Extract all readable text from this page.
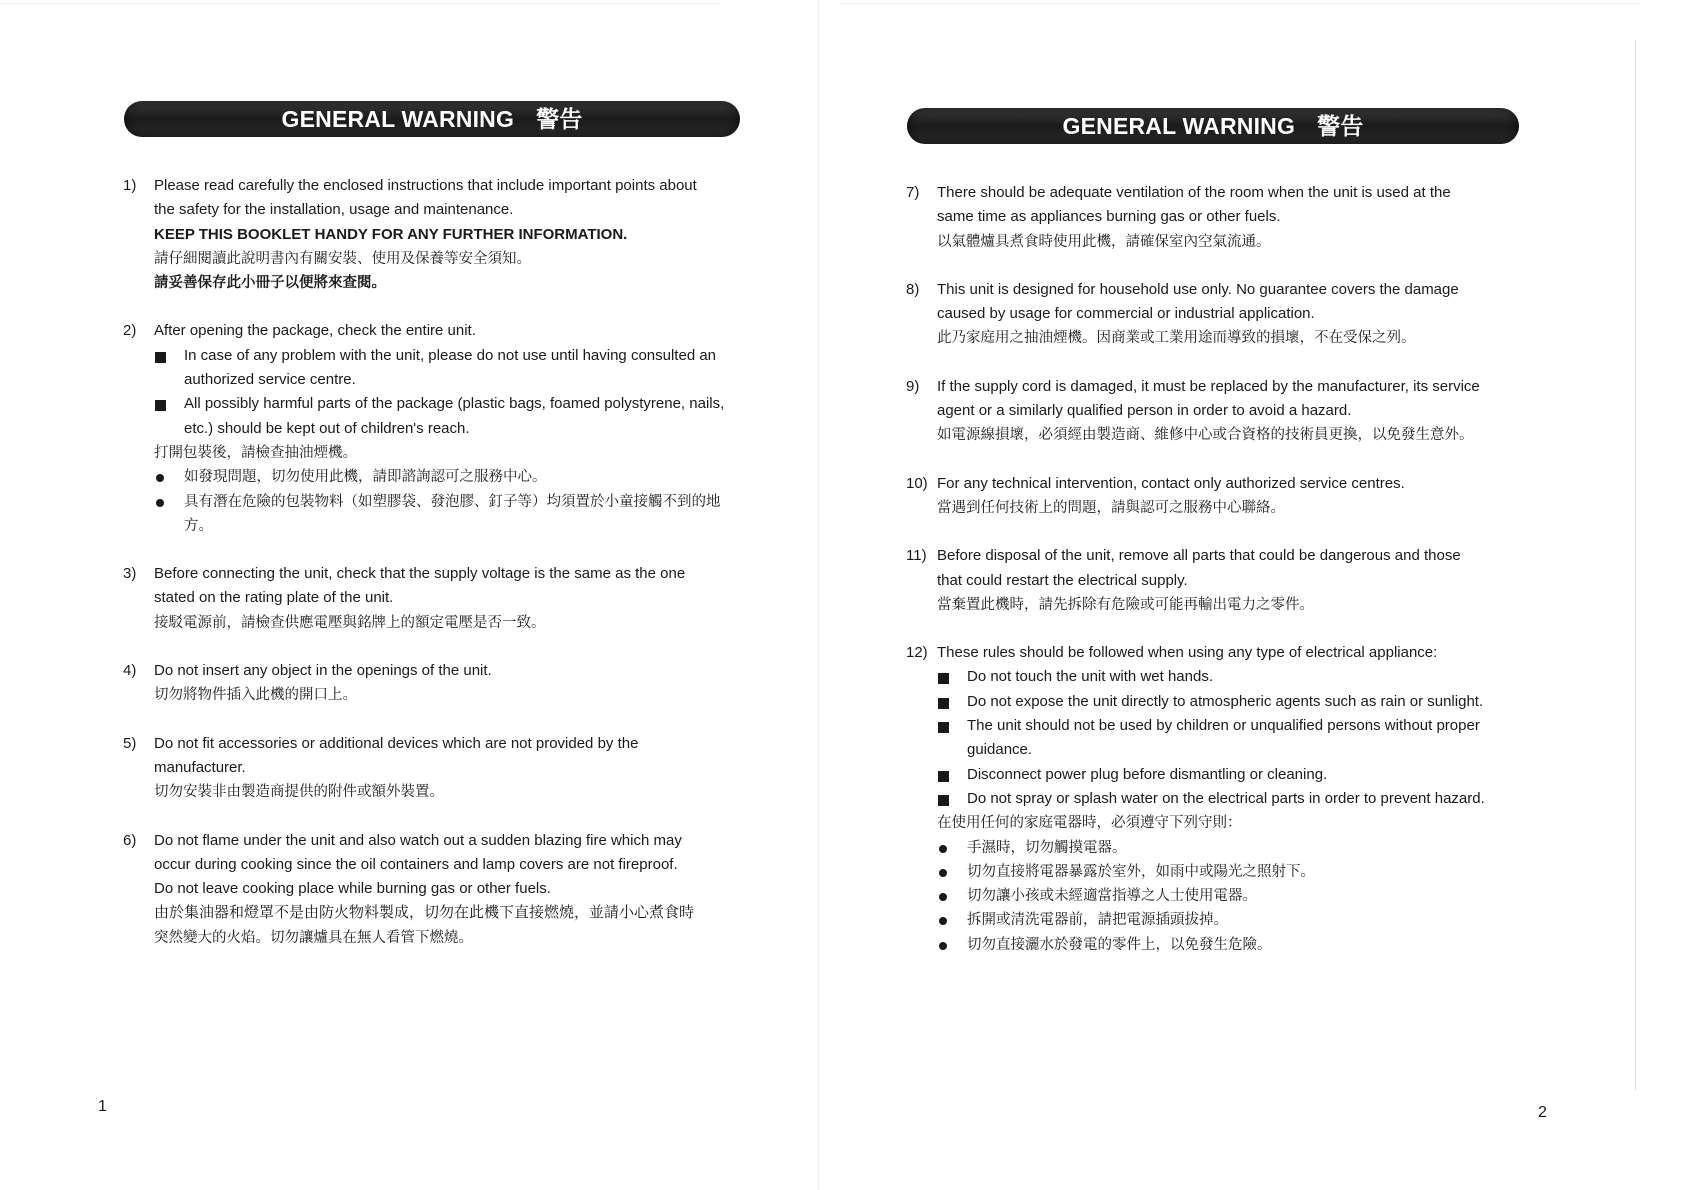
GENERAL WARNING 警告
1) Please read carefully the enclosed instructions that include important points about
the safety for the installation, usage and maintenance.
KEEP THIS BOOKLET HANDY FOR ANY FURTHER INFORMATION.
請仔細閱讀此說明書內有關安裝、使用及保養等安全須知。
請妥善保存此小冊子以便將來查閱。
2) After opening the package, check the entire unit.
In case of any problem with the unit, please do not use until having consulted an authorized service centre.
All possibly harmful parts of the package (plastic bags, foamed polystyrene, nails, etc.) should be kept out of children's reach.
打開包裝後，請檢查抽油煙機。
如發現問題，切勿使用此機，請即諮詢認可之服務中心。
具有潛在危險的包裝物料（如塑膠袋、發泡膠、釘子等）均須置於小童接觸不到的地方。
3) Before connecting the unit, check that the supply voltage is the same as the one
stated on the rating plate of the unit.
接駁電源前，請檢查供應電壓與銘牌上的額定電壓是否一致。
4) Do not insert any object in the openings of the unit.
切勿將物件插入此機的開口上。
5) Do not fit accessories or additional devices which are not provided by the
manufacturer.
切勿安裝非由製造商提供的附件或額外裝置。
6) Do not flame under the unit and also watch out a sudden blazing fire which may
occur during cooking since the oil containers and lamp covers are not fireproof.
Do not leave cooking place while burning gas or other fuels.
由於集油器和燈罩不是由防火物料製成，切勿在此機下直接燃燒，並請小心煮食時
突然變大的火焰。切勿讓爐具在無人看管下燃燒。
1
GENERAL WARNING 警告
7) There should be adequate ventilation of the room when the unit is used at the
same time as appliances burning gas or other fuels.
以氣體爐具煮食時使用此機，請確保室內空氣流通。
8) This unit is designed for household use only. No guarantee covers the damage
caused by usage for commercial or industrial application.
此乃家庭用之抽油煙機。因商業或工業用途而導致的損壞，不在受保之列。
9) If the supply cord is damaged, it must be replaced by the manufacturer, its service
agent or a similarly qualified person in order to avoid a hazard.
如電源線損壞，必須經由製造商、維修中心或合資格的技術員更換，以免發生意外。
10) For any technical intervention, contact only authorized service centres.
當遇到任何技術上的問題，請與認可之服務中心聯絡。
11) Before disposal of the unit, remove all parts that could be dangerous and those
that could restart the electrical supply.
當棄置此機時，請先拆除有危險或可能再輸出電力之零件。
12) These rules should be followed when using any type of electrical appliance:
Do not touch the unit with wet hands.
Do not expose the unit directly to atmospheric agents such as rain or sunlight.
The unit should not be used by children or unqualified persons without proper guidance.
Disconnect power plug before dismantling or cleaning.
Do not spray or splash water on the electrical parts in order to prevent hazard.
在使用任何的家庭電器時，必須遵守下列守則：
手濕時，切勿觸摸電器。
切勿直接將電器暴露於室外，如雨中或陽光之照射下。
切勿讓小孩或未經適當指導之人士使用電器。
拆開或清洗電器前，請把電源插頭拔掉。
切勿直接灑水於發電的零件上，以免發生危險。
2
